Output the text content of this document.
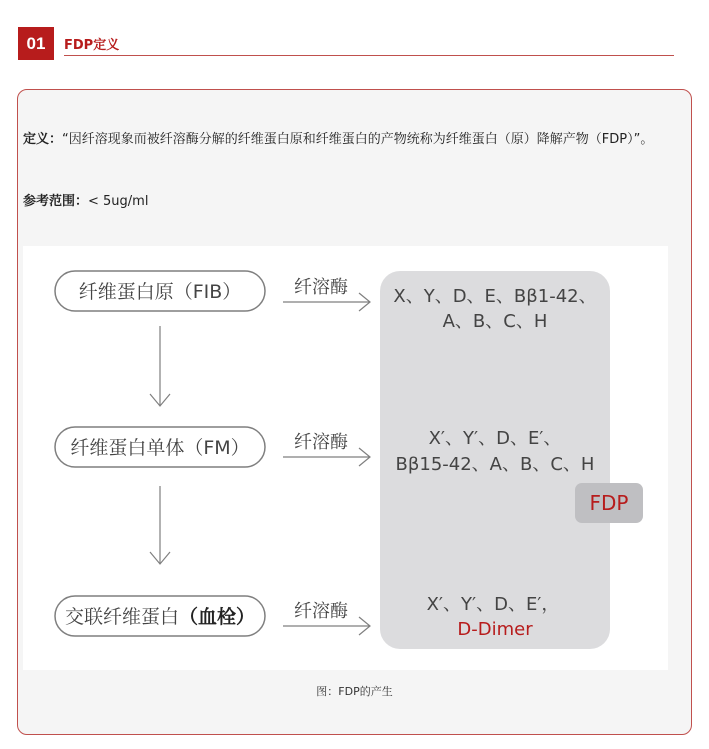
01	FDP定义
定义：“因纤溶现象而被纤溶酶分解的纤维蛋白原和纤维蛋白的产物统称为纤维蛋白（原）降解产物（FDP）”。
参考范围：< 5ug/ml
纤维蛋白原（FIB）
纤维蛋白单体（FM）
交联纤维蛋白（血栓）
纤溶酶
纤溶酶
纤溶酶
X、Y、D、E、Bβ1-42、
A、B、C、H
X′、Y′、D、E′、
Bβ15-42、A、B、C、H
X′、Y′、D、E′，
D-Dimer
FDP
图：FDP的产生
